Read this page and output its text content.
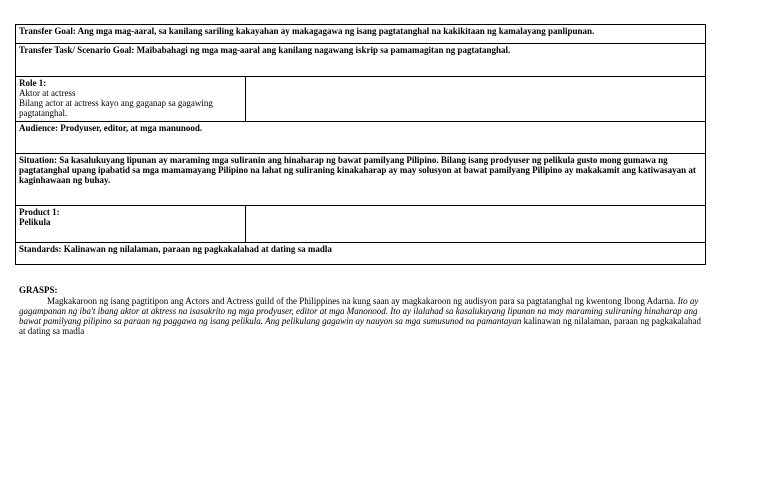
Transfer Goal: Ang mga mag-aaral, sa kanilang sariling kakayahan ay makagagawa ng isang pagtatanghal na kakikitaan ng kamalayang panlipunan.	
Transfer Task/ Scenario Goal: Maibabahagi ng mga mag-aaral ang kanilang nagawang iskrip sa pamamagitan ng pagtatanghal.	

Role 1:
Aktor at actress
Bilang actor at actress kayo ang gaganap sa gagawing pagtatanghal.	

Audience: Prodyuser, editor, at mga manunood.	
Situation: Sa kasalukuyang lipunan ay maraming mga suliranin ang hinaharap ng bawat pamilyang Pilipino. Bilang isang prodyuser ng pelikula gusto mong gumawa ng pagtatanghal upang ipabatid sa mga mamamayang Pilipino na lahat ng suliraning kinakaharap ay may solusyon at bawat pamilyang Pilipino ay makakamit ang katiwasayan at kaginhawaan ng buhay.	

Product 1:
Pelikula	

Standards: Kalinawan ng nilalaman, paraan ng pagkakalahad at dating sa madla	
GRASPS:
Magkakaroon ng isang pagtitipon ang Actors and Actress guild of the Philippines na kung saan ay magkakaroon ng audisyon para sa pagtatanghal ng kwentong Ibong Adarna. Ito ay gagampanan ng iba't ibang aktor at aktress na isasakrito ng mga prodyuser, editor at mga Manonood. Ito ay ilalahad sa kasalukuyang lipunan na may maraming suliraning hinaharap ang bawat pamilyang pilipino sa paraan ng paggawa ng isang pelikula. Ang pelikulang gagawin ay nauyon sa mga sumusunod na pamantayan kalinawan ng nilalaman, paraan ng pagkakalahad at dating sa madla
